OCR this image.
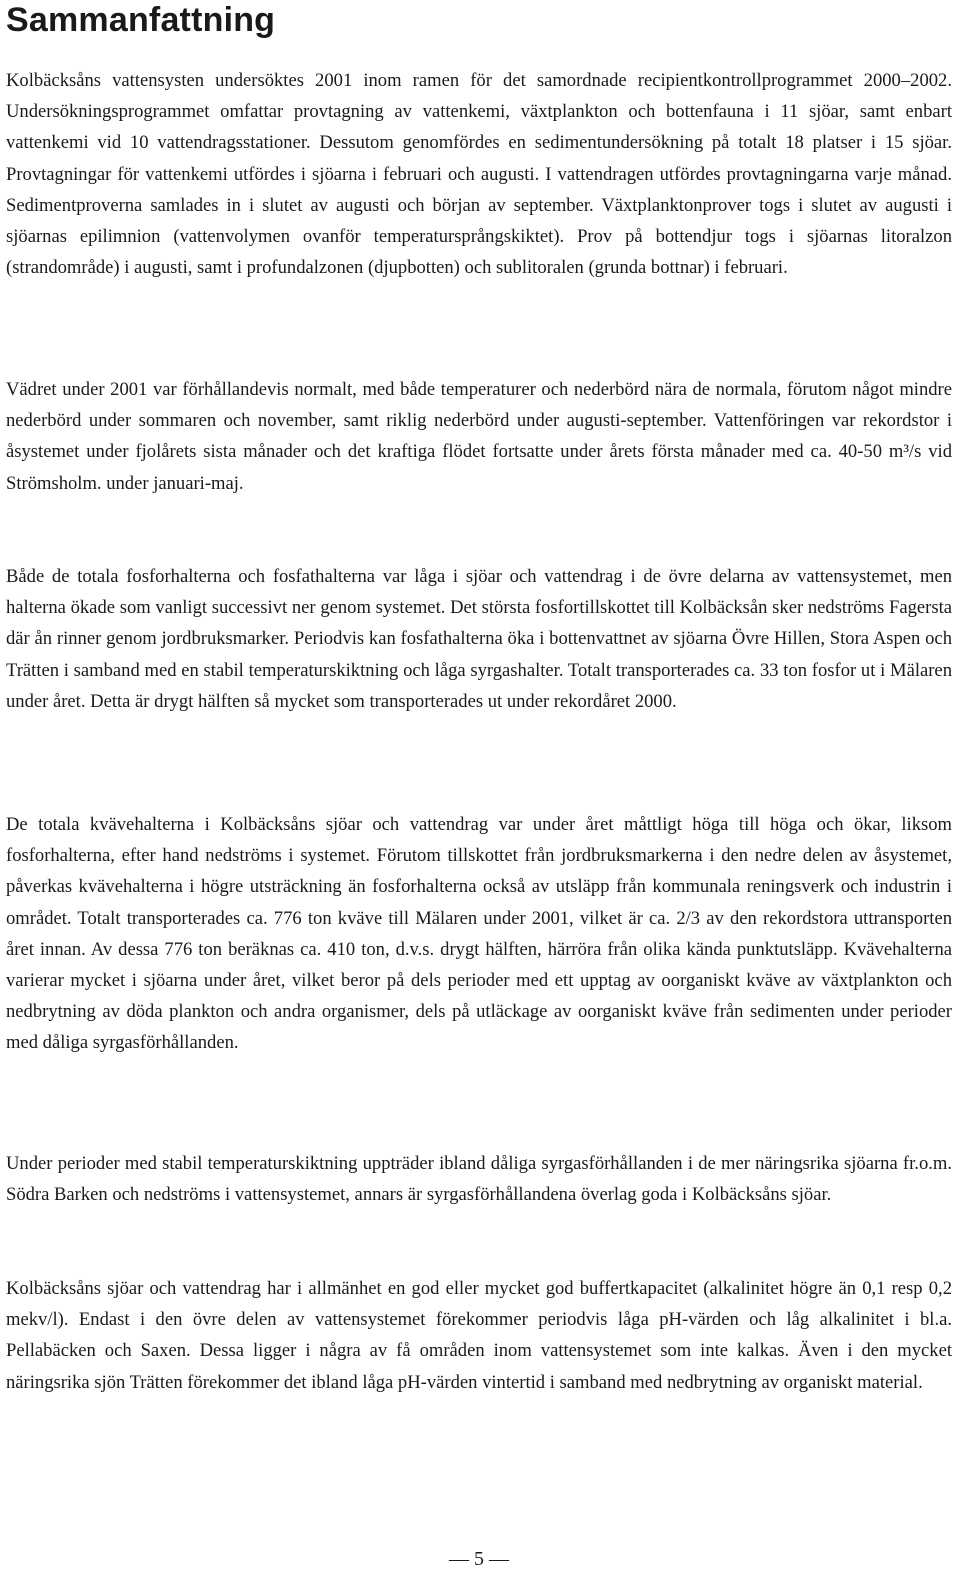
Sammanfattning

Kolbäcksåns vattensysten undersöktes 2001 inom ramen för det samordnade recipientkontrollprogrammet 2000–2002. Undersökningsprogrammet omfattar provtagning av vattenkemi, växtplankton och bottenfauna i 11 sjöar, samt enbart vattenkemi vid 10 vattendragsstationer. Dessutom genomfördes en sedimentundersökning på totalt 18 platser i 15 sjöar. Provtagningar för vattenkemi utfördes i sjöarna i februari och augusti. I vattendragen utfördes provtagningarna varje månad. Sedimentproverna samlades in i slutet av augusti och början av september. Växtplanktonprover togs i slutet av augusti i sjöarnas epilimnion (vattenvolymen ovanför temperatursprångskiktet). Prov på bottendjur togs i sjöarnas litoralzon (strandområde) i augusti, samt i profundalzonen (djupbotten) och sublitoralen (grunda bottnar) i februari.

Vädret under 2001 var förhållandevis normalt, med både temperaturer och nederbörd nära de normala, förutom något mindre nederbörd under sommaren och november, samt riklig nederbörd under augusti-september. Vattenföringen var rekordstor i åsystemet under fjolårets sista månader och det kraftiga flödet fortsatte under årets första månader med ca. 40-50 m³/s vid Strömsholm. under januari-maj.

Både de totala fosforhalterna och fosfathalterna var låga i sjöar och vattendrag i de övre delarna av vattensystemet, men halterna ökade som vanligt successivt ner genom systemet. Det största fosfortillskottet till Kolbäcksån sker nedströms Fagersta där ån rinner genom jordbruksmarker. Periodvis kan fosfathalterna öka i bottenvattnet av sjöarna Övre Hillen, Stora Aspen och Trätten i samband med en stabil temperaturskiktning och låga syrgashalter. Totalt transporterades ca. 33 ton fosfor ut i Mälaren under året. Detta är drygt hälften så mycket som transporterades ut under rekordåret 2000.

De totala kvävehalterna i Kolbäcksåns sjöar och vattendrag var under året måttligt höga till höga och ökar, liksom fosforhalterna, efter hand nedströms i systemet. Förutom tillskottet från jordbruksmarkerna i den nedre delen av åsystemet, påverkas kvävehalterna i högre utsträckning än fosforhalterna också av utsläpp från kommunala reningsverk och industrin i området. Totalt transporterades ca. 776 ton kväve till Mälaren under 2001, vilket är ca. 2/3 av den rekordstora uttransporten året innan. Av dessa 776 ton beräknas ca. 410 ton, d.v.s. drygt hälften, härröra från olika kända punktutsläpp. Kvävehalterna varierar mycket i sjöarna under året, vilket beror på dels perioder med ett upptag av oorganiskt kväve av växtplankton och nedbrytning av döda plankton och andra organismer, dels på utläckage av oorganiskt kväve från sedimenten under perioder med dåliga syrgasförhållanden.

Under perioder med stabil temperaturskiktning uppträder ibland dåliga syrgasförhållanden i de mer näringsrika sjöarna fr.o.m. Södra Barken och nedströms i vattensystemet, annars är syrgasförhållandena överlag goda i Kolbäcksåns sjöar.

Kolbäcksåns sjöar och vattendrag har i allmänhet en god eller mycket god buffertkapacitet (alkalinitet högre än 0,1 resp 0,2 mekv/l). Endast i den övre delen av vattensystemet förekommer periodvis låga pH-värden och låg alkalinitet i bl.a. Pellabäcken och Saxen. Dessa ligger i några av få områden inom vattensystemet som inte kalkas. Även i den mycket näringsrika sjön Trätten förekommer det ibland låga pH-värden vintertid i samband med nedbrytning av organiskt material.

— 5 —
